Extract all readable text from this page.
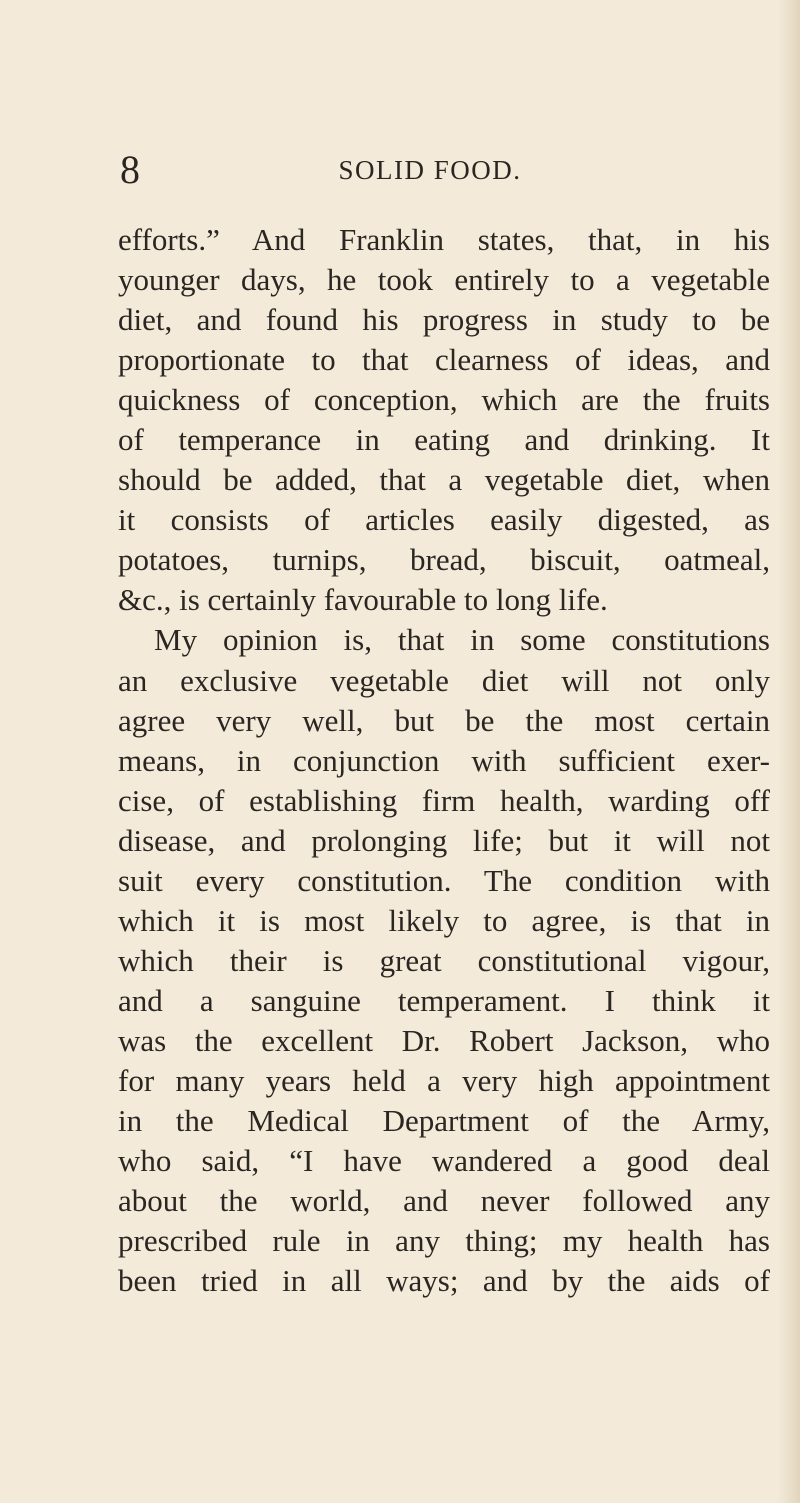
8	SOLID FOOD.
efforts.” And Franklin states, that, in his
younger days, he took entirely to a vegetable
diet, and found his progress in study to be
proportionate to that clearness of ideas, and
quickness of conception, which are the fruits
of temperance in eating and drinking. It
should be added, that a vegetable diet, when
it consists of articles easily digested, as
potatoes, turnips, bread, biscuit, oatmeal,
&c., is certainly favourable to long life.
My opinion is, that in some constitutions
an exclusive vegetable diet will not only
agree very well, but be the most certain
means, in conjunction with sufficient exer-
cise, of establishing firm health, warding off
disease, and prolonging life; but it will not
suit every constitution. The condition with
which it is most likely to agree, is that in
which their is great constitutional vigour,
and a sanguine temperament. I think it
was the excellent Dr. Robert Jackson, who
for many years held a very high appointment
in the Medical Department of the Army,
who said, “I have wandered a good deal
about the world, and never followed any
prescribed rule in any thing; my health has
been tried in all ways; and by the aids of
